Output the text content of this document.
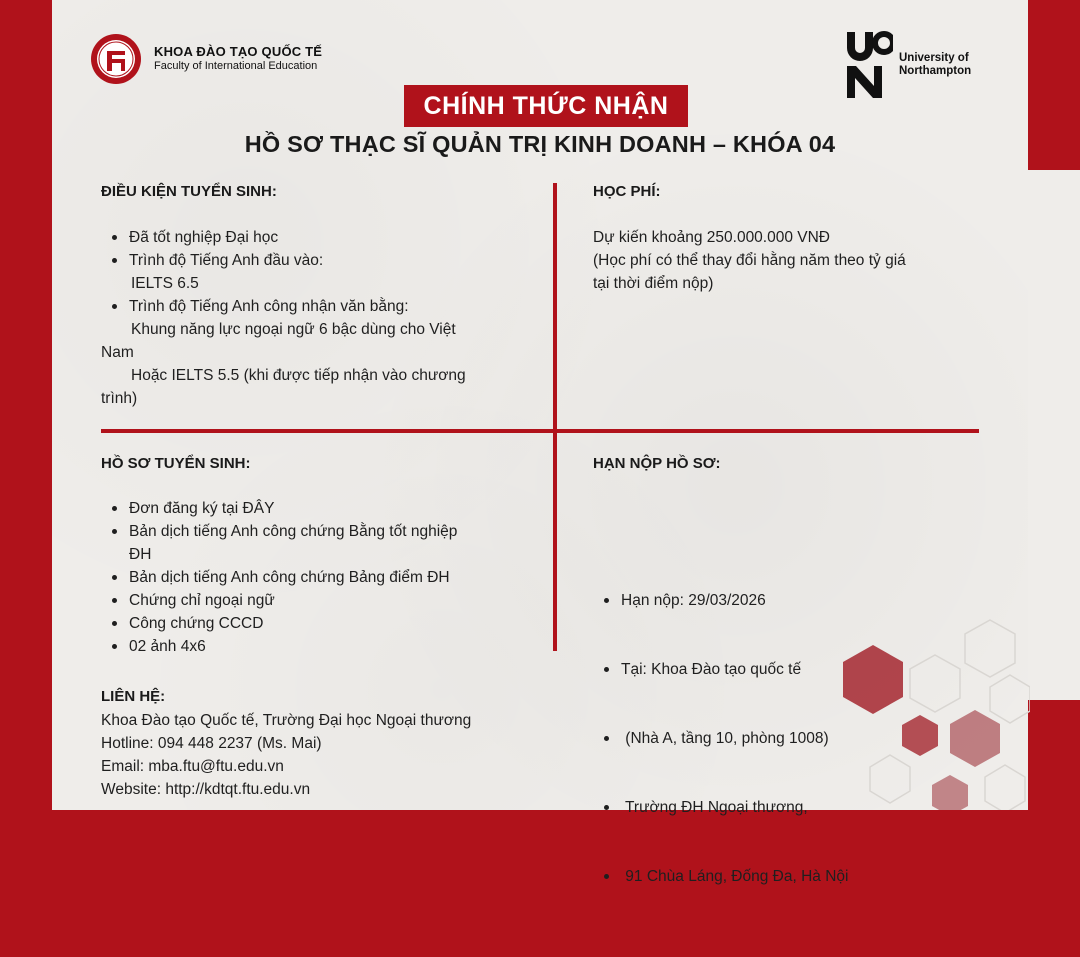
KHOA ĐÀO TẠO QUỐC TẾ
Faculty of International Education
University of
Northampton
CHÍNH THỨC NHẬN
HỒ SƠ THẠC SĨ QUẢN TRỊ KINH DOANH – KHÓA 04
ĐIỀU KIỆN TUYỂN SINH:
Đã tốt nghiệp Đại học
Trình độ Tiếng Anh đầu vào:
IELTS 6.5
Trình độ Tiếng Anh công nhận văn bằng:
Khung năng lực ngoại ngữ 6 bậc dùng cho Việt
Nam
Hoặc IELTS 5.5 (khi được tiếp nhận vào chương
trình)
HỌC PHÍ:
Dự kiến khoảng 250.000.000 VNĐ
(Học phí có thể thay đổi hằng năm theo tỷ giá
tại thời điểm nộp)
HỒ SƠ TUYỂN SINH:
Đơn đăng ký tại ĐÂY
Bản dịch tiếng Anh công chứng Bằng tốt nghiệp
ĐH
Bản dịch tiếng Anh công chứng Bảng điểm ĐH
Chứng chỉ ngoại ngữ
Công chứng CCCD
02 ảnh 4x6
HẠN NỘP HỒ SƠ:

Hạn nộp: 29/03/2026

Tại: Khoa Đào tạo quốc tế

(Nhà A, tầng 10, phòng 1008)

Trường ĐH Ngoại thương,

91 Chùa Láng, Đống Đa, Hà Nội

LIÊN HỆ:
Khoa Đào tạo Quốc tế, Trường Đại học Ngoại thương
Hotline: 094 448 2237 (Ms. Mai)
Email: mba.ftu@ftu.edu.vn
Website: http://kdtqt.ftu.edu.vn
